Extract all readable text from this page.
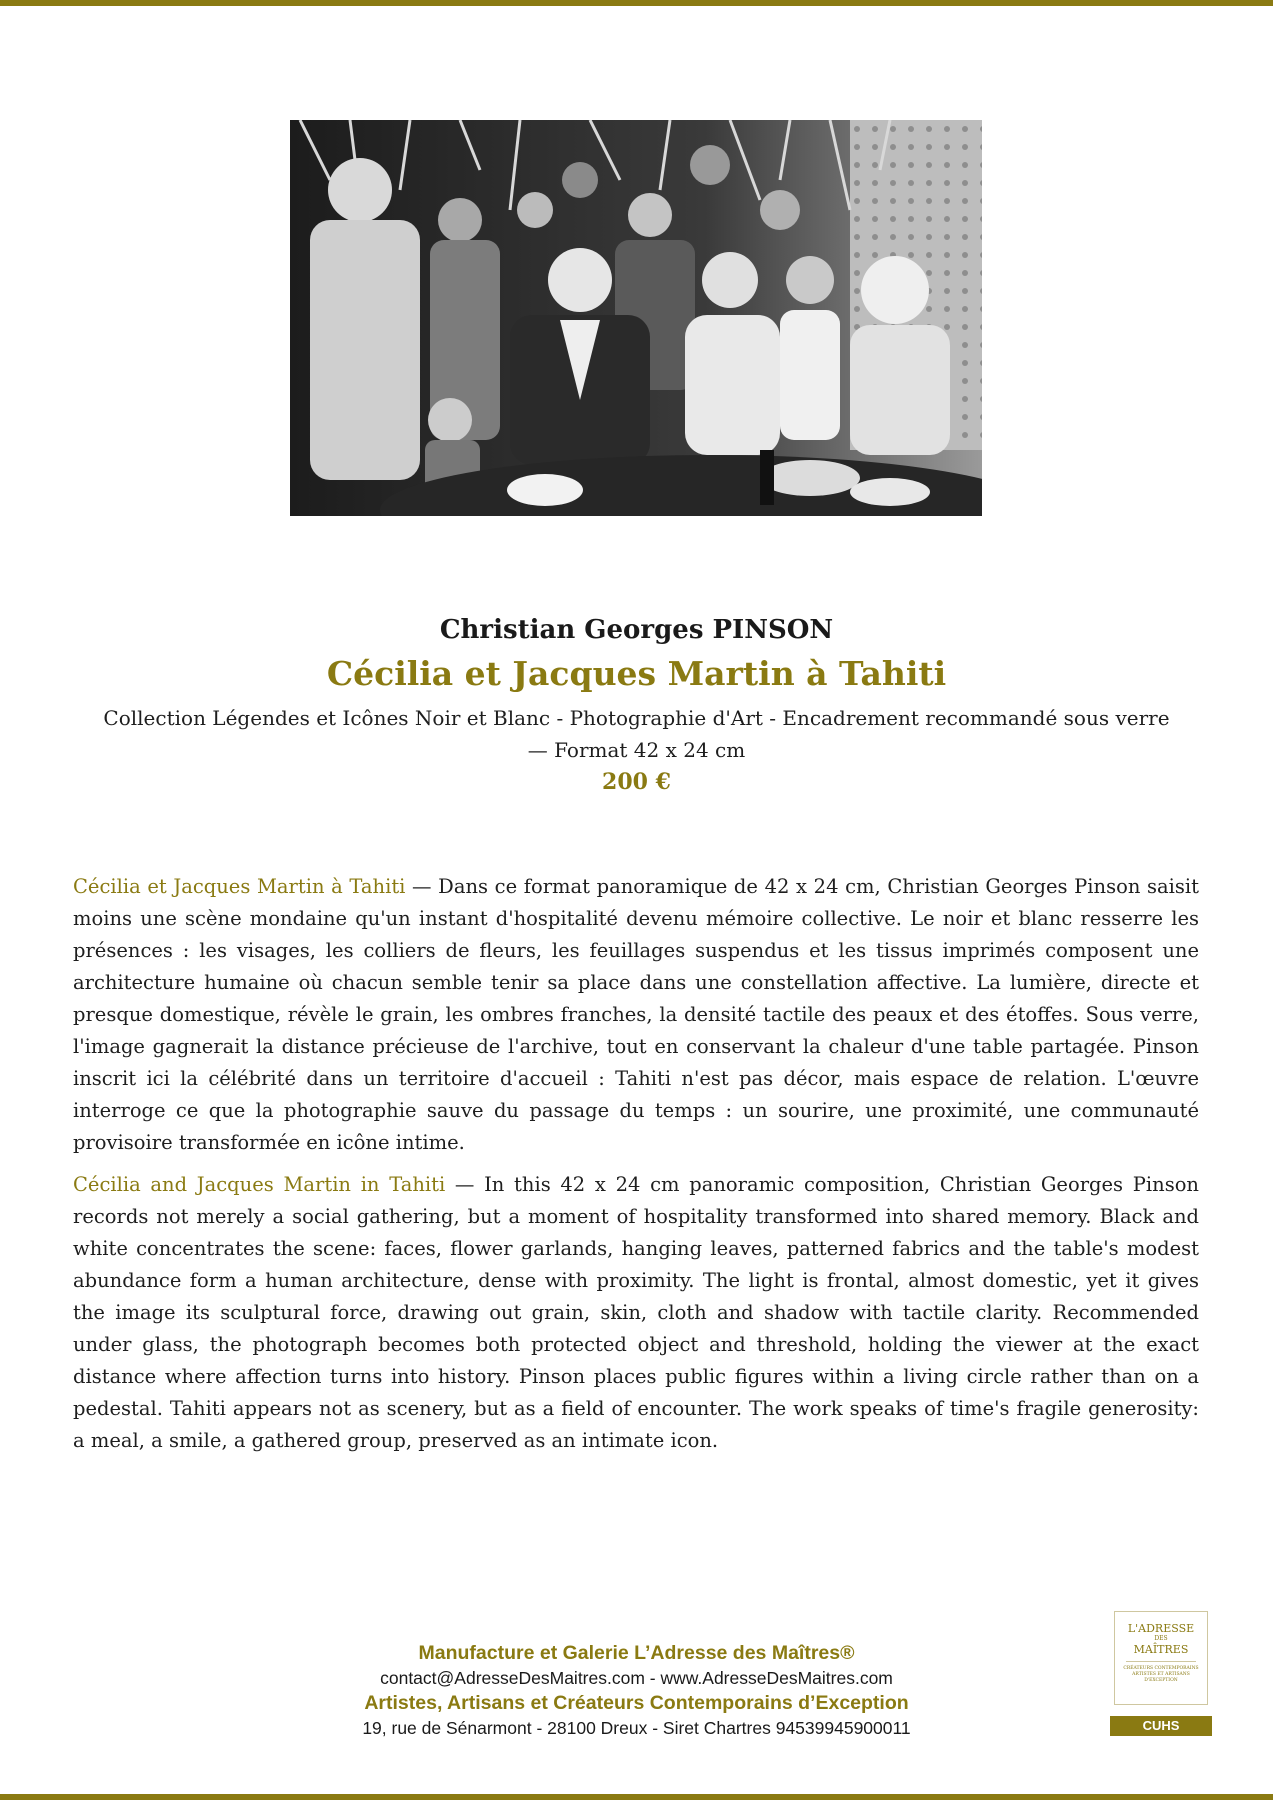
Christian Georges PINSON
Cécilia et Jacques Martin à Tahiti
Collection Légendes et Icônes Noir et Blanc - Photographie d'Art - Encadrement recommandé sous verre — Format 42 x 24 cm
200 €

Cécilia et Jacques Martin à Tahiti — Dans ce format panoramique de 42 x 24 cm, Christian Georges Pinson saisit moins une scène mondaine qu'un instant d'hospitalité devenu mémoire collective. Le noir et blanc resserre les présences : les visages, les colliers de fleurs, les feuillages suspendus et les tissus imprimés composent une architecture humaine où chacun semble tenir sa place dans une constellation affective. La lumière, directe et presque domestique, révèle le grain, les ombres franches, la densité tactile des peaux et des étoffes. Sous verre, l'image gagnerait la distance précieuse de l'archive, tout en conservant la chaleur d'une table partagée. Pinson inscrit ici la célébrité dans un territoire d'accueil : Tahiti n'est pas décor, mais espace de relation. L'œuvre interroge ce que la photographie sauve du passage du temps : un sourire, une proximité, une communauté provisoire transformée en icône intime.

Cécilia and Jacques Martin in Tahiti — In this 42 x 24 cm panoramic composition, Christian Georges Pinson records not merely a social gathering, but a moment of hospitality transformed into shared memory. Black and white concentrates the scene: faces, flower garlands, hanging leaves, patterned fabrics and the table's modest abundance form a human architecture, dense with proximity. The light is frontal, almost domestic, yet it gives the image its sculptural force, drawing out grain, skin, cloth and shadow with tactile clarity. Recommended under glass, the photograph becomes both protected object and threshold, holding the viewer at the exact distance where affection turns into history. Pinson places public figures within a living circle rather than on a pedestal. Tahiti appears not as scenery, but as a field of encounter. The work speaks of time's fragile generosity: a meal, a smile, a gathered group, preserved as an intimate icon.

Manufacture et Galerie L’Adresse des Maîtres®
contact@AdresseDesMaitres.com - www.AdresseDesMaitres.com
Artistes, Artisans et Créateurs Contemporains d’Exception
19, rue de Sénarmont - 28100 Dreux - Siret Chartres 94539945900011
L'ADRESSE
DES
MAÎTRES
CRÉATEURS CONTEMPORAINS ARTISTES ET ARTISANS D'EXCEPTION
CUHS
